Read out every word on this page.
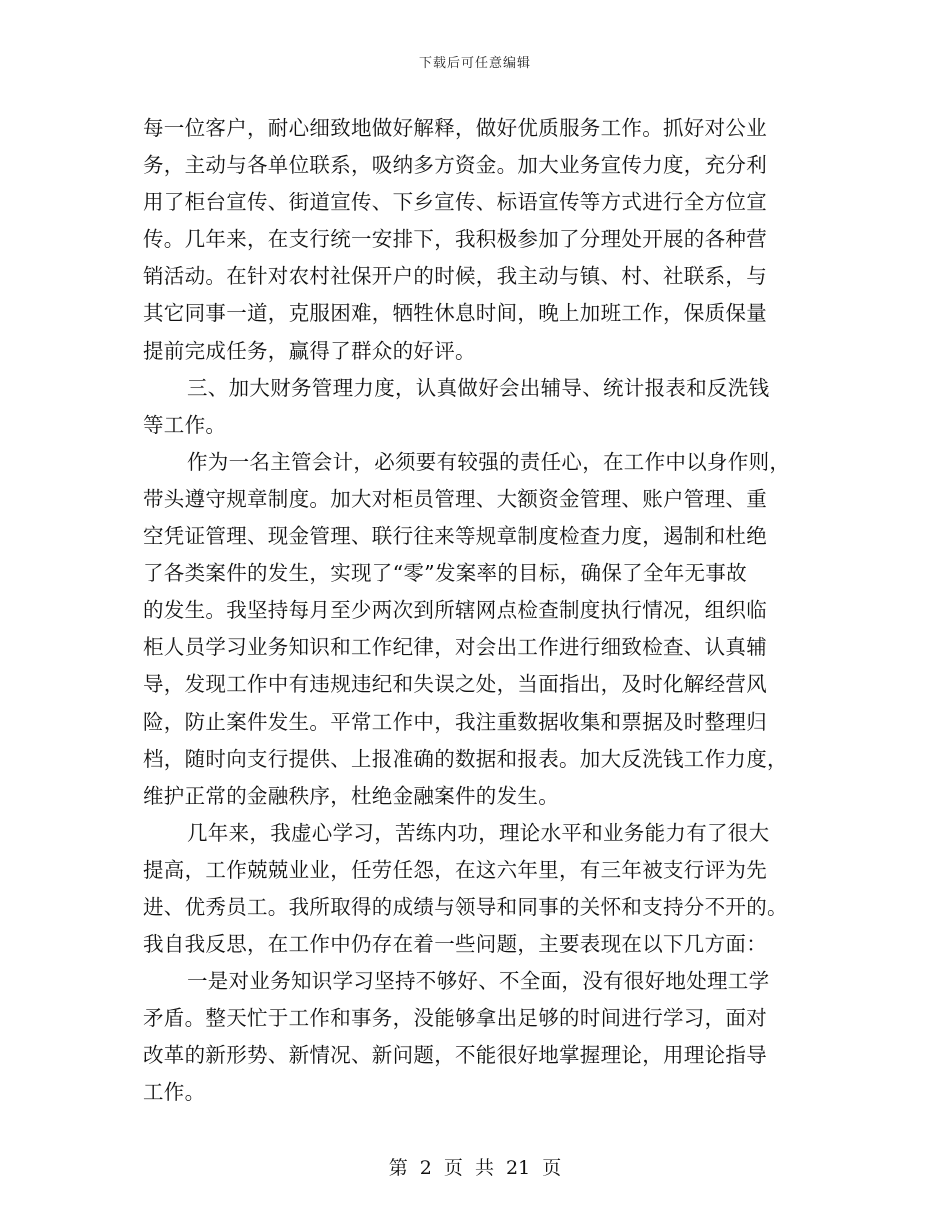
下载后可任意编辑
每一位客户，耐心细致地做好解释，做好优质服务工作。抓好对公业
务，主动与各单位联系，吸纳多方资金。加大业务宣传力度，充分利
用了柜台宣传、街道宣传、下乡宣传、标语宣传等方式进行全方位宣
传。几年来，在支行统一安排下，我积极参加了分理处开展的各种营
销活动。在针对农村社保开户的时候，我主动与镇、村、社联系，与
其它同事一道，克服困难，牺牲休息时间，晚上加班工作，保质保量
提前完成任务，赢得了群众的好评。
三、加大财务管理力度，认真做好会出辅导、统计报表和反洗钱
等工作。
作为一名主管会计，必须要有较强的责任心，在工作中以身作则，
带头遵守规章制度。加大对柜员管理、大额资金管理、账户管理、重
空凭证管理、现金管理、联行往来等规章制度检查力度，遏制和杜绝
了各类案件的发生，实现了“零”发案率的目标，确保了全年无事故
的发生。我坚持每月至少两次到所辖网点检查制度执行情况，组织临
柜人员学习业务知识和工作纪律，对会出工作进行细致检查、认真辅
导，发现工作中有违规违纪和失误之处，当面指出，及时化解经营风
险，防止案件发生。平常工作中，我注重数据收集和票据及时整理归
档，随时向支行提供、上报准确的数据和报表。加大反洗钱工作力度，
维护正常的金融秩序，杜绝金融案件的发生。
几年来，我虚心学习，苦练内功，理论水平和业务能力有了很大
提高，工作兢兢业业，任劳任怨，在这六年里，有三年被支行评为先
进、优秀员工。我所取得的成绩与领导和同事的关怀和支持分不开的。
我自我反思，在工作中仍存在着一些问题，主要表现在以下几方面：
一是对业务知识学习坚持不够好、不全面，没有很好地处理工学
矛盾。整天忙于工作和事务，没能够拿出足够的时间进行学习，面对
改革的新形势、新情况、新问题，不能很好地掌握理论，用理论指导
工作。
第 2 页 共 21 页
